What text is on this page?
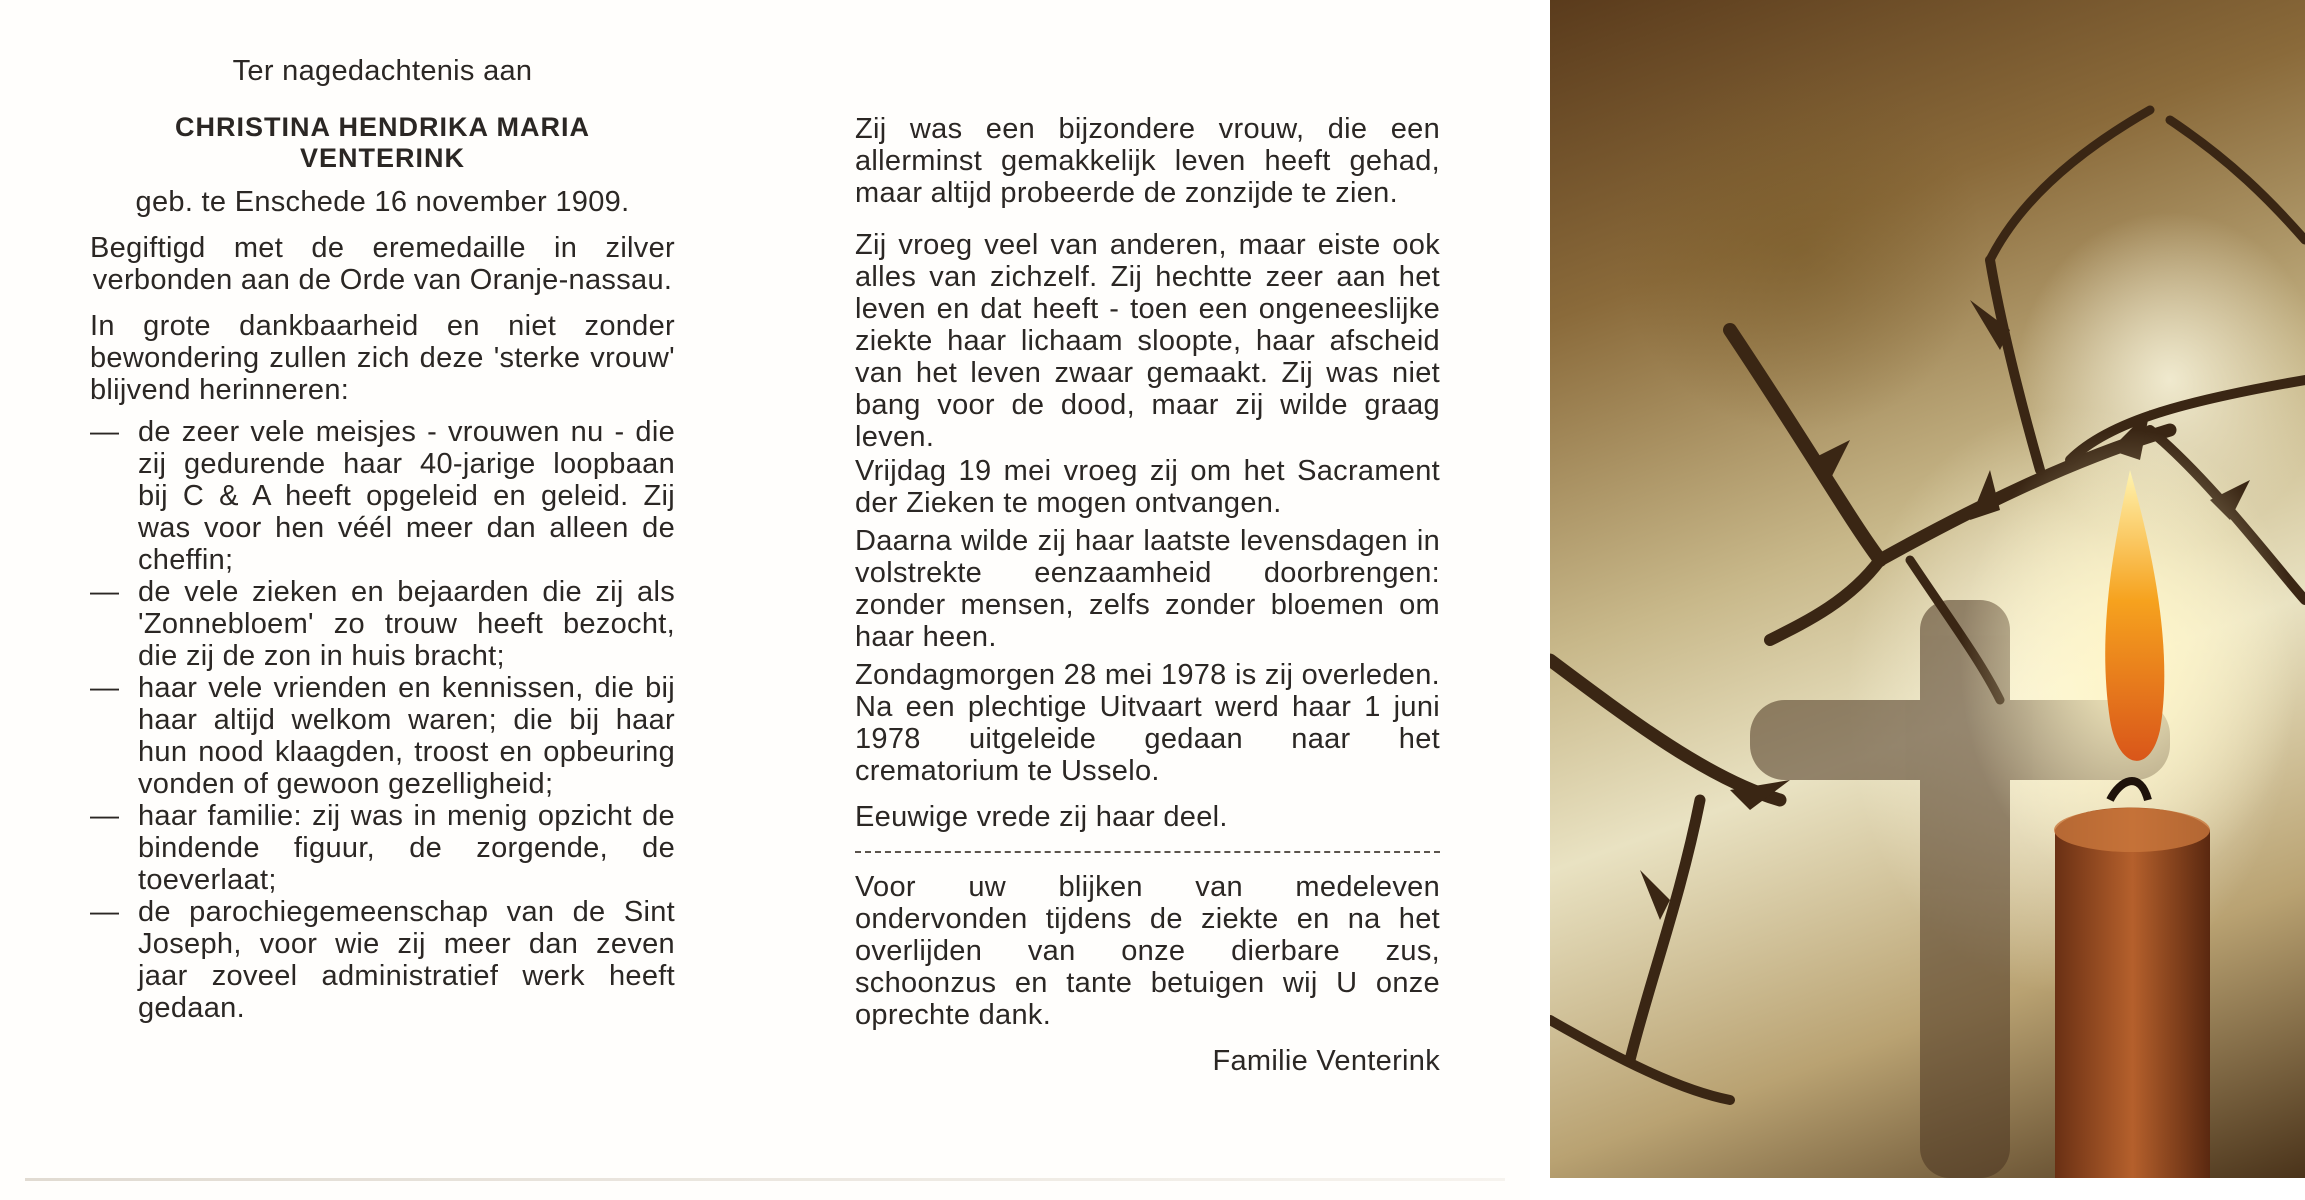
Ter nagedachtenis aan

CHRISTINA HENDRIKA MARIA
VENTERINK

geb. te Enschede 16 november 1909.

Begiftigd met de eremedaille in zilver verbonden aan de Orde van Oranje-nassau.

In grote dankbaarheid en niet zonder bewondering zullen zich deze 'sterke vrouw' blijvend herinneren:

— de zeer vele meisjes - vrouwen nu - die zij gedurende haar 40-jarige loopbaan bij C & A heeft opgeleid en geleid. Zij was voor hen véél meer dan alleen de cheffin;
— de vele zieken en bejaarden die zij als 'Zonnebloem' zo trouw heeft bezocht, die zij de zon in huis bracht;
— haar vele vrienden en kennissen, die bij haar altijd welkom waren; die bij haar hun nood klaagden, troost en opbeuring vonden of gewoon gezelligheid;
— haar familie: zij was in menig opzicht de bindende figuur, de zorgende, de toeverlaat;
— de parochiegemeenschap van de Sint Joseph, voor wie zij meer dan zeven jaar zoveel administratief werk heeft gedaan.

Zij was een bijzondere vrouw, die een allerminst gemakkelijk leven heeft gehad, maar altijd probeerde de zonzijde te zien.

Zij vroeg veel van anderen, maar eiste ook alles van zichzelf. Zij hechtte zeer aan het leven en dat heeft - toen een ongeneeslijke ziekte haar lichaam sloopte, haar afscheid van het leven zwaar gemaakt. Zij was niet bang voor de dood, maar zij wilde graag leven.

Vrijdag 19 mei vroeg zij om het Sacrament der Zieken te mogen ontvangen.

Daarna wilde zij haar laatste levensdagen in volstrekte eenzaamheid doorbrengen: zonder mensen, zelfs zonder bloemen om haar heen.

Zondagmorgen 28 mei 1978 is zij overleden. Na een plechtige Uitvaart werd haar 1 juni 1978 uitgeleide gedaan naar het crematorium te Usselo.

Eeuwige vrede zij haar deel.

Voor uw blijken van medeleven ondervonden tijdens de ziekte en na het overlijden van onze dierbare zus, schoonzus en tante betuigen wij U onze oprechte dank.

Familie Venterink
